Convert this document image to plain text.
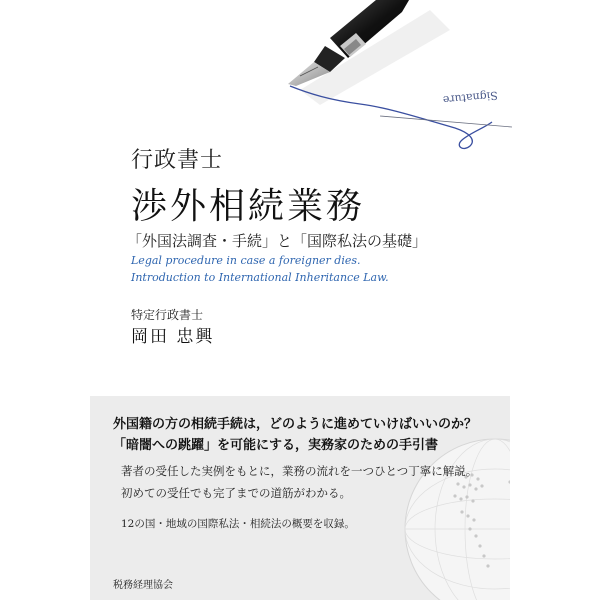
Signature
行政書士
渉外相続業務
「外国法調査・手続」と「国際私法の基礎」
Legal procedure in case a foreigner dies.
Introduction to International Inheritance Law.
特定行政書士
岡田 忠興
外国籍の方の相続手続は，どのように進めていけばいいのか？
「暗闇への跳躍」を可能にする，実務家のための手引書
著者の受任した実例をもとに，業務の流れを一つひとつ丁寧に解説。
初めての受任でも完了までの道筋がわかる。
12の国・地域の国際私法・相続法の概要を収録。
税務経理協会
